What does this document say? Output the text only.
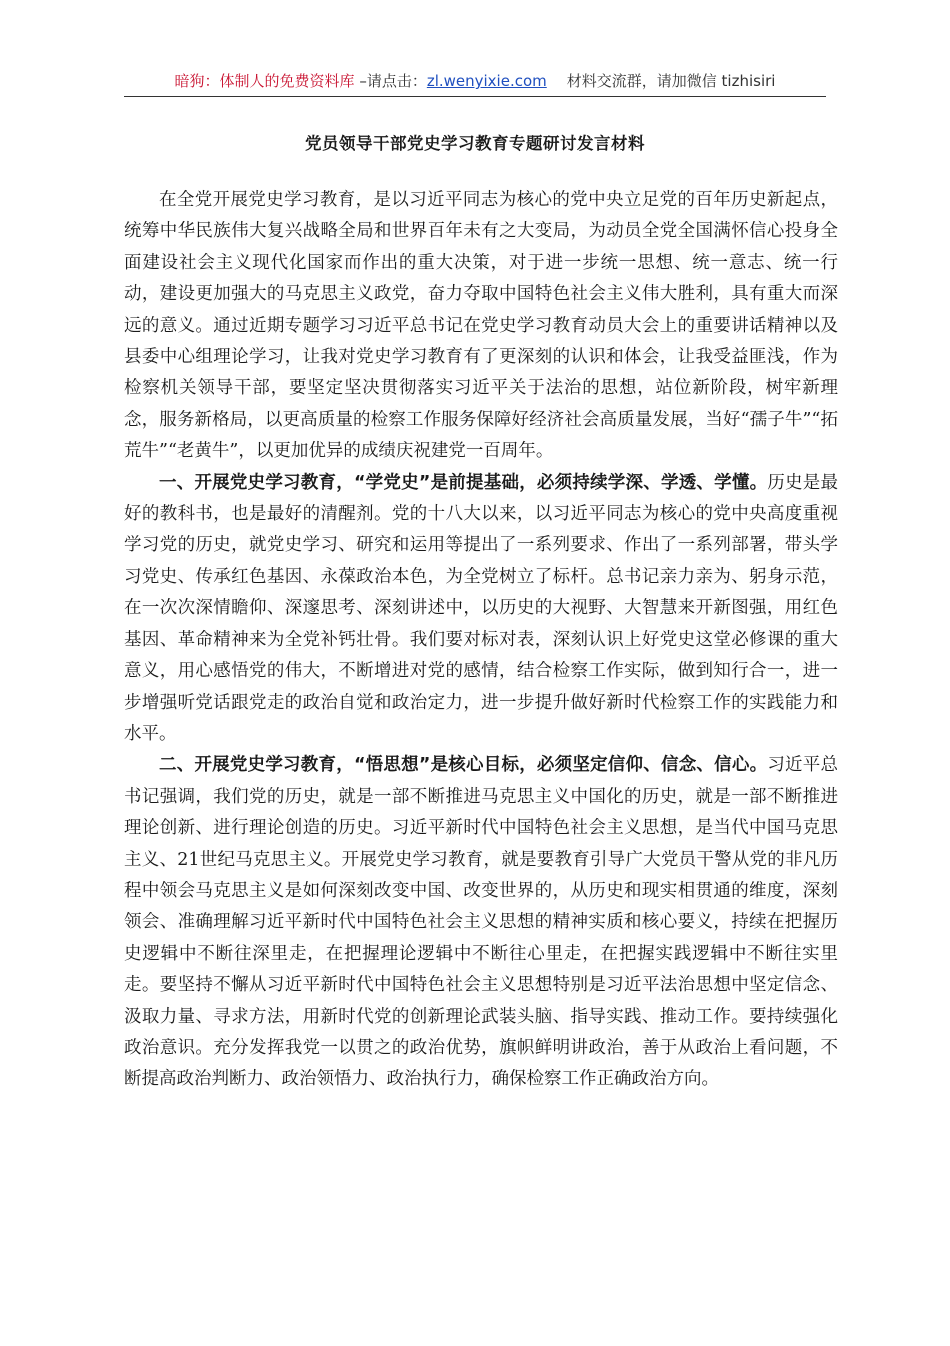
暗狗：体制人的免费资料库 –请点击：zl.wenyixie.com 材料交流群，请加微信 tizhisiri
党员领导干部党史学习教育专题研讨发言材料

在全党开展党史学习教育，是以习近平同志为核心的党中央立足党的百年历史新起点，统筹中华民族伟大复兴战略全局和世界百年未有之大变局，为动员全党全国满怀信心投身全面建设社会主义现代化国家而作出的重大决策，对于进一步统一思想、统一意志、统一行动，建设更加强大的马克思主义政党，奋力夺取中国特色社会主义伟大胜利，具有重大而深远的意义。通过近期专题学习习近平总书记在党史学习教育动员大会上的重要讲话精神以及县委中心组理论学习，让我对党史学习教育有了更深刻的认识和体会，让我受益匪浅，作为检察机关领导干部，要坚定坚决贯彻落实习近平关于法治的思想，站位新阶段，树牢新理念，服务新格局，以更高质量的检察工作服务保障好经济社会高质量发展，当好“孺子牛”“拓荒牛”“老黄牛”，以更加优异的成绩庆祝建党一百周年。

一、开展党史学习教育，“学党史”是前提基础，必须持续学深、学透、学懂。历史是最好的教科书，也是最好的清醒剂。党的十八大以来，以习近平同志为核心的党中央高度重视学习党的历史，就党史学习、研究和运用等提出了一系列要求、作出了一系列部署，带头学习党史、传承红色基因、永葆政治本色，为全党树立了标杆。总书记亲力亲为、躬身示范，在一次次深情瞻仰、深邃思考、深刻讲述中，以历史的大视野、大智慧来开新图强，用红色基因、革命精神来为全党补钙壮骨。我们要对标对表，深刻认识上好党史这堂必修课的重大意义，用心感悟党的伟大，不断增进对党的感情，结合检察工作实际，做到知行合一，进一步增强听党话跟党走的政治自觉和政治定力，进一步提升做好新时代检察工作的实践能力和水平。

二、开展党史学习教育，“悟思想”是核心目标，必须坚定信仰、信念、信心。习近平总书记强调，我们党的历史，就是一部不断推进马克思主义中国化的历史，就是一部不断推进理论创新、进行理论创造的历史。习近平新时代中国特色社会主义思想，是当代中国马克思主义、21世纪马克思主义。开展党史学习教育，就是要教育引导广大党员干警从党的非凡历程中领会马克思主义是如何深刻改变中国、改变世界的，从历史和现实相贯通的维度，深刻领会、准确理解习近平新时代中国特色社会主义思想的精神实质和核心要义，持续在把握历史逻辑中不断往深里走，在把握理论逻辑中不断往心里走，在把握实践逻辑中不断往实里走。要坚持不懈从习近平新时代中国特色社会主义思想特别是习近平法治思想中坚定信念、汲取力量、寻求方法，用新时代党的创新理论武装头脑、指导实践、推动工作。要持续强化政治意识。充分发挥我党一以贯之的政治优势，旗帜鲜明讲政治，善于从政治上看问题，不断提高政治判断力、政治领悟力、政治执行力，确保检察工作正确政治方向。
